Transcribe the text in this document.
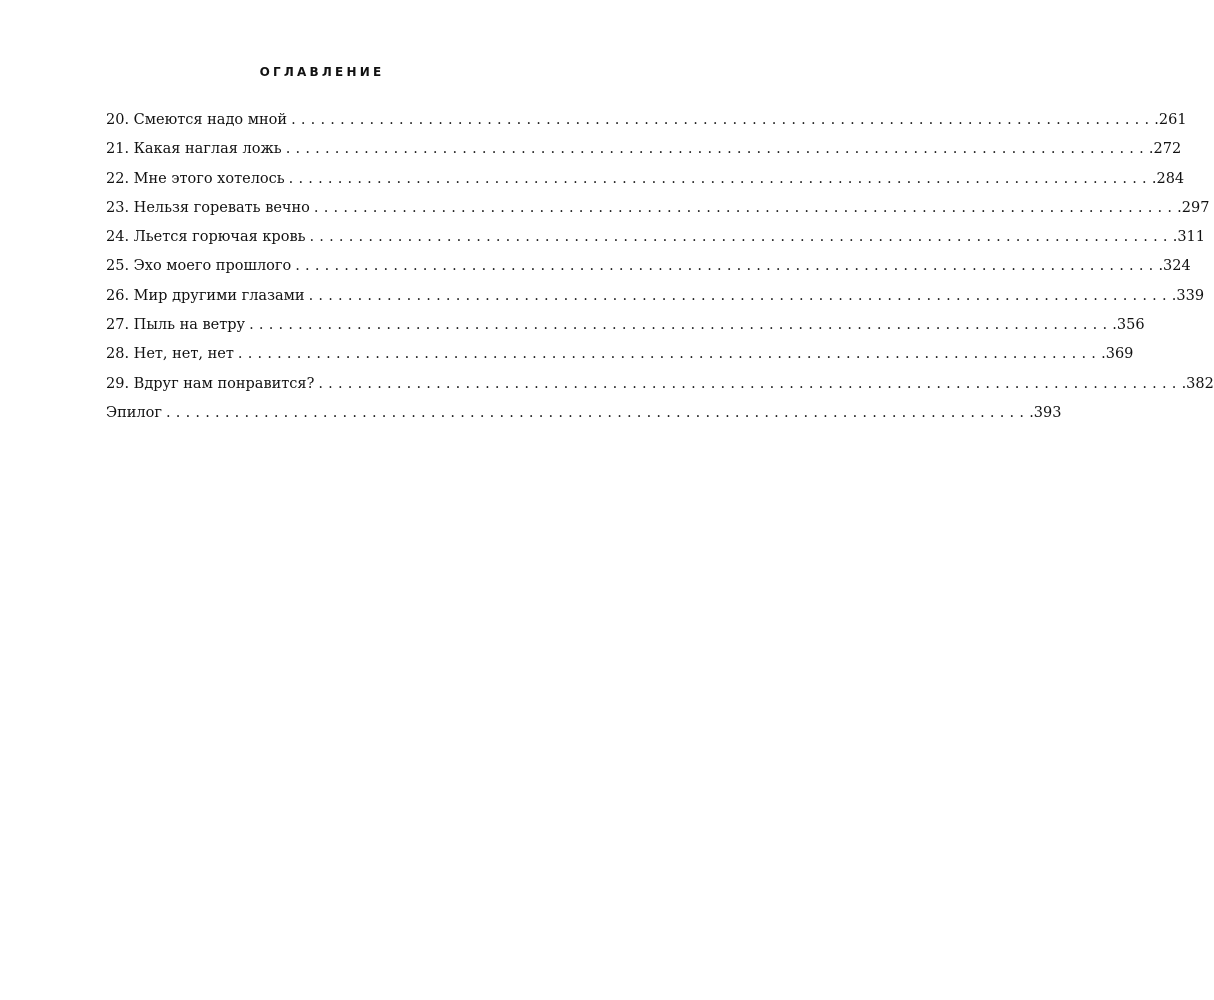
ОГЛАВЛЕНИЕ
20. Смеются надо мной ........................................................................................ .261
21. Какая наглая ложь ........................................................................................ .272
22. Мне этого хотелось ........................................................................................ .284
23. Нельзя горевать вечно ........................................................................................ .297
24. Льется горючая кровь ........................................................................................ .311
25. Эхо моего прошлого ........................................................................................ .324
26. Мир другими глазами ........................................................................................ .339
27. Пыль на ветру ........................................................................................ .356
28. Нет, нет, нет ........................................................................................ .369
29. Вдруг нам понравится? ........................................................................................ .382
Эпилог ........................................................................................ .393
